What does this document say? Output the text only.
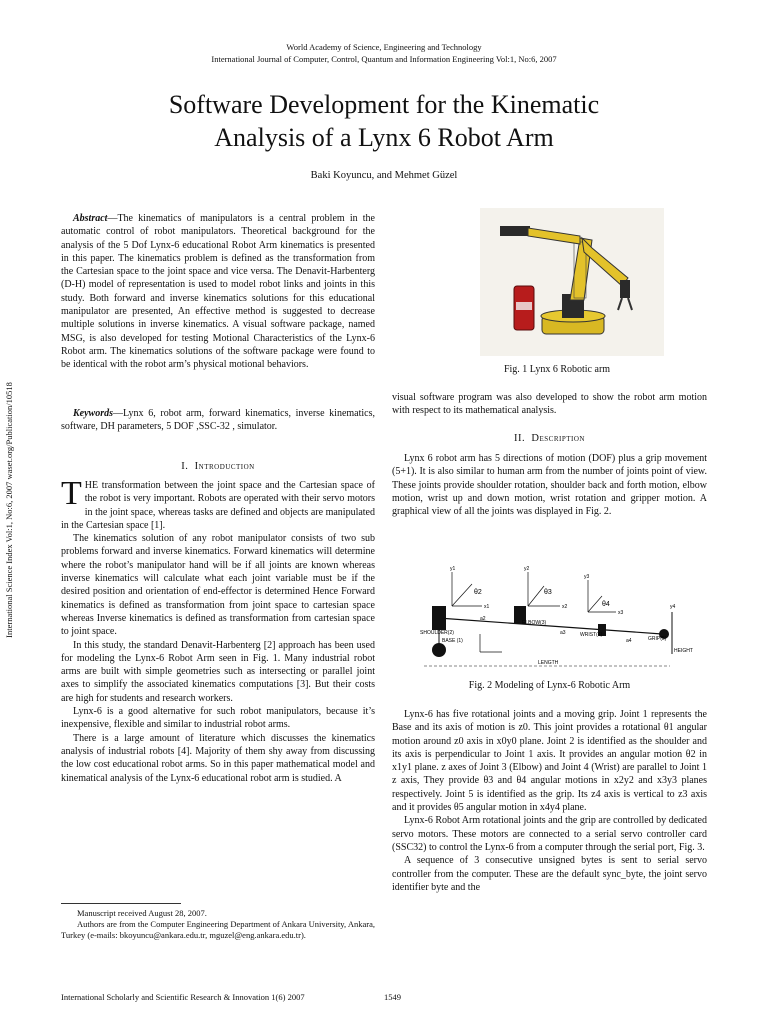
World Academy of Science, Engineering and Technology
International Journal of Computer, Control, Quantum and Information Engineering Vol:1, No:6, 2007
Software Development for the Kinematic
Analysis of a Lynx 6 Robot Arm
Baki Koyuncu, and Mehmet Güzel
International Science Index Vol:1, No:6, 2007 waset.org/Publication/10518

Abstract—The kinematics of manipulators is a central problem in the automatic control of robot manipulators. Theoretical background for the analysis of the 5 Dof Lynx-6 educational Robot Arm kinematics is presented in this paper. The kinematics problem is defined as the transformation from the Cartesian space to the joint space and vice versa. The Denavit-Harbenterg (D-H) model of representation is used to model robot links and joints in this study. Both forward and inverse kinematics solutions for this educational manipulator are presented, An effective method is suggested to decrease multiple solutions in inverse kinematics. A visual software package, named MSG, is also developed for testing Motional Characteristics of the Lynx-6 Robot arm. The kinematics solutions of the software package were found to be identical with the robot arm’s physical motional behaviors.

Keywords—Lynx 6, robot arm, forward kinematics, inverse kinematics, software, DH parameters, 5 DOF ,SSC-32 , simulator.

I. Introduction

THE transformation between the joint space and the Cartesian space of the robot is very important. Robots are operated with their servo motors in the joint space, whereas tasks are defined and objects are manipulated in the Cartesian space [1].

The kinematics solution of any robot manipulator consists of two sub problems forward and inverse kinematics. Forward kinematics will determine where the robot’s manipulator hand will be if all joints are known whereas inverse kinematics will calculate what each joint variable must be if the desired position and orientation of end-effector is determined Hence Forward kinematics is defined as transformation from joint space to cartesian space whereas Inverse kinematics is defined as transformation from cartesian space to joint space.

In this study, the standard Denavit-Harbenterg [2] approach has been used for modeling the Lynx-6 Robot Arm seen in Fig. 1. Many industrial robot arms are built with simple geometries such as intersecting or parallel joint axes to simplify the associated kinematics computations [3]. But their costs are high for students and research workers.

Lynx-6 is a good alternative for such robot manipulators, because it’s inexpensive, flexible and similar to industrial robot arms.

There is a large amount of literature which discusses the kinematics analysis of industrial robots [4]. Majority of them shy away from discussing the low cost educational robot arms. So in this paper mathematical model and kinematical analysis of the Lynx-6 educational robot arm is studied. A

Manuscript received August 28, 2007.

Authors are from the Computer Engineering Department of Ankara University, Ankara, Turkey (e-mails: bkoyuncu@ankara.edu.tr, mguzel@eng.ankara.edu.tr).

Fig. 1 Lynx 6 Robotic arm

visual software program was also developed to show the robot arm motion with respect to its mathematical analysis.

II. Description

Lynx 6 robot arm has 5 directions of motion (DOF) plus a grip movement (5+1). It is also similar to human arm from the number of joints point of view. These joints provide shoulder rotation, shoulder back and forth motion, elbow motion, wrist up and down motion, wrist rotation and gripper motion. A graphical view of all the joints was displayed in Fig. 2.

SHOULDER(2)
BASE (1)
ELBOW(3)
WRIST(4)
GRIP(5)
HEIGHT
LENGTH
θ2	θ3
θ4
a2
a3
a4
y1	y2
y3
y4
x1	x2
x3
Fig. 2 Modeling of Lynx-6 Robotic Arm

Lynx-6 has five rotational joints and a moving grip. Joint 1 represents the Base and its axis of motion is z0. This joint provides a rotational θ1 angular motion around z0 axis in x0y0 plane. Joint 2 is identified as the shoulder and its axis is perpendicular to Joint 1 axis. It provides an angular motion θ2 in x1y1 plane. z axes of Joint 3 (Elbow) and Joint 4 (Wrist) are parallel to Joint 1 z axis, They provide θ3 and θ4 angular motions in x2y2 and x3y3 planes respectively. Joint 5 is identified as the grip. Its z4 axis is vertical to z3 axis and it provides θ5 angular motion in x4y4 plane.

Lynx-6 Robot Arm rotational joints and the grip are controlled by dedicated servo motors. These motors are connected to a serial servo controller card (SSC32) to control the Lynx-6 from a computer through the serial port, Fig. 3.

A sequence of 3 consecutive unsigned bytes is sent to serial servo controller from the computer. These are the default sync_byte, the joint servo identifier byte and the

International Scholarly and Scientific Research & Innovation 1(6) 2007	1549
